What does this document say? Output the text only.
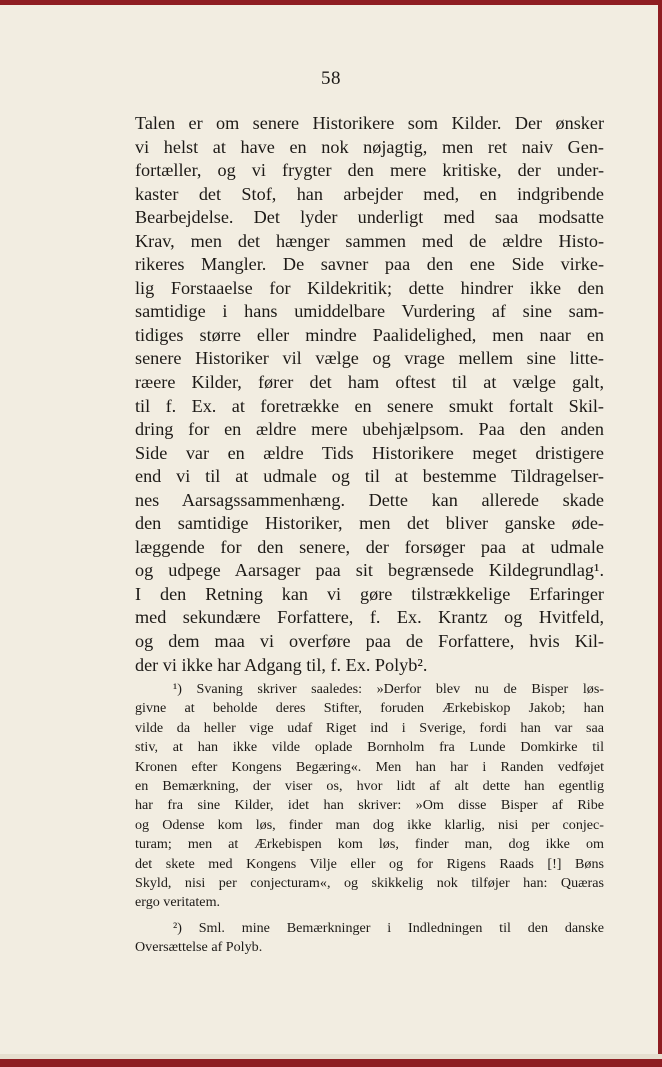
58
Talen er om senere Historikere som Kilder. Der ønsker
vi helst at have en nok nøjagtig, men ret naiv Gen-
fortæller, og vi frygter den mere kritiske, der under-
kaster det Stof, han arbejder med, en indgribende
Bearbejdelse. Det lyder underligt med saa modsatte
Krav, men det hænger sammen med de ældre Histo-
rikeres Mangler. De savner paa den ene Side virke-
lig Forstaaelse for Kildekritik; dette hindrer ikke den
samtidige i hans umiddelbare Vurdering af sine sam-
tidiges større eller mindre Paalidelighed, men naar en
senere Historiker vil vælge og vrage mellem sine litte-
ræere Kilder, fører det ham oftest til at vælge galt,
til f. Ex. at foretrække en senere smukt fortalt Skil-
dring for en ældre mere ubehjælpsom. Paa den anden
Side var en ældre Tids Historikere meget dristigere
end vi til at udmale og til at bestemme Tildragelser-
nes Aarsagssammenhæng. Dette kan allerede skade
den samtidige Historiker, men det bliver ganske øde-
læggende for den senere, der forsøger paa at udmale
og udpege Aarsager paa sit begrænsede Kildegrundlag¹.
I den Retning kan vi gøre tilstrækkelige Erfaringer
med sekundære Forfattere, f. Ex. Krantz og Hvitfeld,
og dem maa vi overføre paa de Forfattere, hvis Kil-
der vi ikke har Adgang til, f. Ex. Polyb².
¹) Svaning skriver saaledes: »Derfor blev nu de Bisper løs-
givne at beholde deres Stifter, foruden Ærkebiskop Jakob; han
vilde da heller vige udaf Riget ind i Sverige, fordi han var saa
stiv, at han ikke vilde oplade Bornholm fra Lunde Domkirke til
Kronen efter Kongens Begæring«. Men han har i Randen vedføjet
en Bemærkning, der viser os, hvor lidt af alt dette han egentlig
har fra sine Kilder, idet han skriver: »Om disse Bisper af Ribe
og Odense kom løs, finder man dog ikke klarlig, nisi per conjec-
turam; men at Ærkebispen kom løs, finder man, dog ikke om
det skete med Kongens Vilje eller og for Rigens Raads [!] Bøns
Skyld, nisi per conjecturam«, og skikkelig nok tilføjer han: Quæras
ergo veritatem.
²) Sml. mine Bemærkninger i Indledningen til den danske
Oversættelse af Polyb.
